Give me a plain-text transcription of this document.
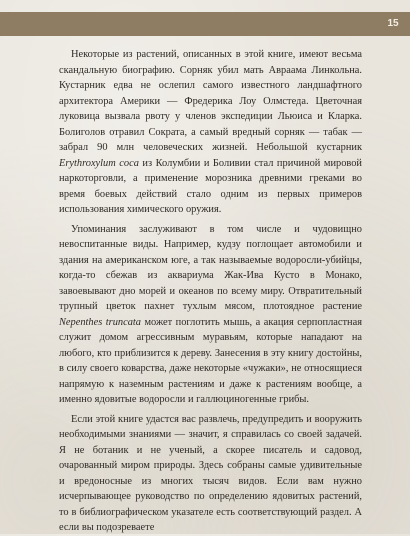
15

Некоторые из растений, описанных в этой книге, имеют весьма скандальную биографию. Сорняк убил мать Авраама Линкольна. Кустарник едва не ослепил самого известного ландшафтного архитектора Америки — Фредерика Лоу Олмстеда. Цветочная луковица вызвала рвоту у членов экспедиции Льюиса и Кларка. Болиголов отравил Сократа, а самый вредный сорняк — табак — забрал 90 млн человеческих жизней. Небольшой кустарник Erythroxylum coca из Колумбии и Боливии стал причиной мировой наркоторговли, а применение морозника древними греками во время боевых действий стало одним из первых примеров использования химического оружия.

Упоминания заслуживают в том числе и чудовищно невоспитанные виды. Например, кудзу поглощает автомобили и здания на американском юге, а так называемые водоросли-убийцы, когда-то сбежав из аквариума Жак-Ива Кусто в Монако, завоевывают дно морей и океанов по всему миру. Отвратительный трупный цветок пахнет тухлым мясом, плотоядное растение Nepenthes truncata может поглотить мышь, а акация серпопластная служит домом агрессивным муравьям, которые нападают на любого, кто приблизится к дереву. Занесения в эту книгу достойны, в силу своего коварства, даже некоторые «чужаки», не относящиеся напрямую к наземным растениям и даже к растениям вообще, а именно ядовитые водоросли и галлюциногенные грибы.

Если этой книге удастся вас развлечь, предупредить и вооружить необходимыми знаниями — значит, я справилась со своей задачей. Я не ботаник и не ученый, а скорее писатель и садовод, очарованный миром природы. Здесь собраны самые удивительные и вредоносные из многих тысяч видов. Если вам нужно исчерпывающее руководство по определению ядовитых растений, то в библиографическом указателе есть соответствующий раздел. А если вы подозреваете
